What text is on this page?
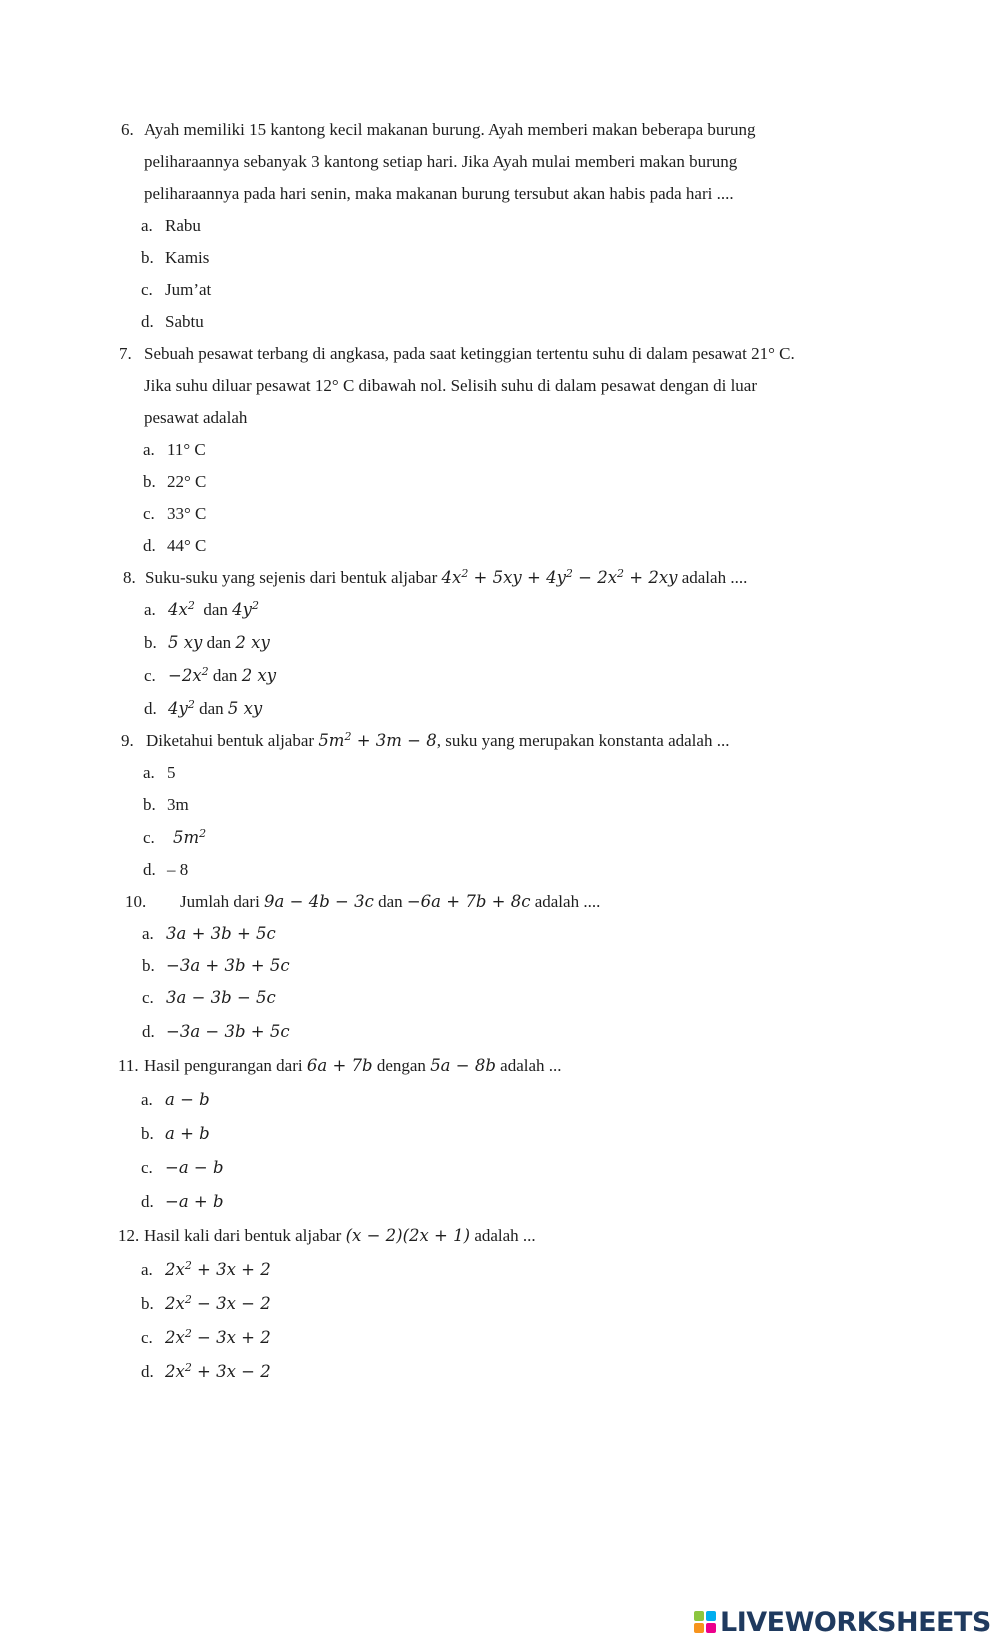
6. Ayah memiliki 15 kantong kecil makanan burung. Ayah memberi makan beberapa burung
peliharaannya sebanyak 3 kantong setiap hari. Jika Ayah mulai memberi makan burung
peliharaannya pada hari senin, maka makanan burung tersubut akan habis pada hari ....
a. Rabu
b. Kamis
c. Jum’at
d. Sabtu
7. Sebuah pesawat terbang di angkasa, pada saat ketinggian tertentu suhu di dalam pesawat 21° C.
Jika suhu diluar pesawat 12° C dibawah nol. Selisih suhu di dalam pesawat dengan di luar
pesawat adalah
a. 11° C
b. 22° C
c. 33° C
d. 44° C
8. Suku-suku yang sejenis dari bentuk aljabar $4x^2 + 5xy + 4y^2 - 2x^2 + 2xy$ adalah ....
a. $4x^2$ dan $4y^2$
b. 5 xy dan 2 xy
c. $-2x^2$ dan 2 xy
d. $4y^2$ dan 5 xy
9. Diketahui bentuk aljabar $5m^2 + 3m - 8$, suku yang merupakan konstanta adalah ...
a. 5
b. 3m
c. $5m^2$
d. – 8
10. Jumlah dari 9a − 4b − 3c dan −6a + 7b + 8c adalah ....
a. 3a + 3b + 5c
b. −3a + 3b + 5c
c. 3a − 3b − 5c
d. −3a − 3b + 5c
11. Hasil pengurangan dari 6a + 7b dengan 5a − 8b adalah ...
a. a − b
b. a + b
c. −a − b
d. −a + b
12. Hasil kali dari bentuk aljabar (x − 2)(2x + 1) adalah ...
a. $2x^2 + 3x + 2$
b. $2x^2 - 3x - 2$
c. $2x^2 - 3x + 2$
d. $2x^2 + 3x - 2$
LIVEWORKSHEETS
